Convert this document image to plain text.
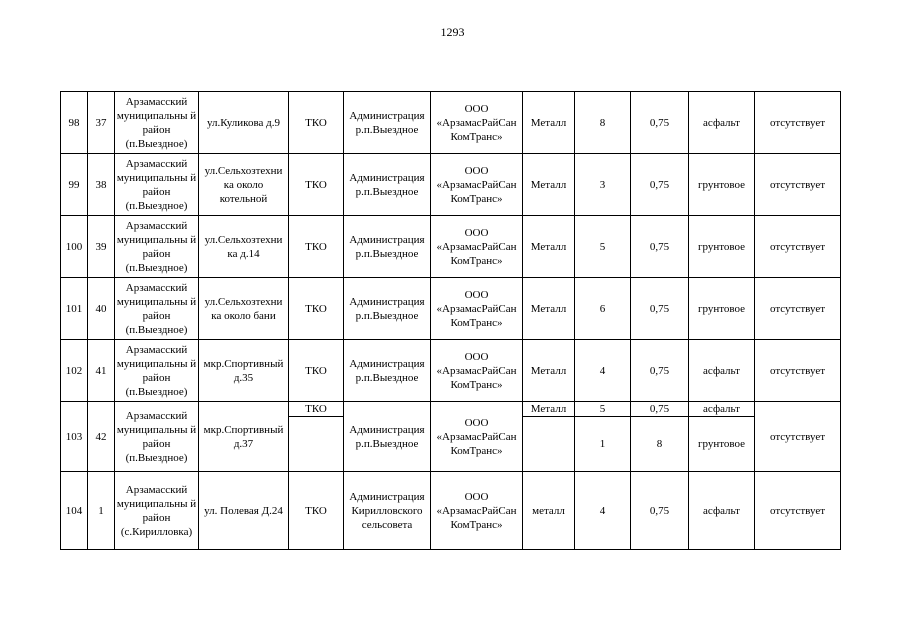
1293
98	37	Арзамасский муниципальны й район (п.Выездное)	ул.Куликова д.9	ТКО	Администрация р.п.Выездное	ООО «АрзамасРайСан КомТранс»	Металл	8	0,75	асфальт	отсутствует
99	38	Арзамасский муниципальны й район (п.Выездное)	ул.Сельхозтехни ка около котельной	ТКО	Администрация р.п.Выездное	ООО «АрзамасРайСан КомТранс»	Металл	3	0,75	грунтовое	отсутствует
100	39	Арзамасский муниципальны й район (п.Выездное)	ул.Сельхозтехни ка д.14	ТКО	Администрация р.п.Выездное	ООО «АрзамасРайСан КомТранс»	Металл	5	0,75	грунтовое	отсутствует
101	40	Арзамасский муниципальны й район (п.Выездное)	ул.Сельхозтехни ка около бани	ТКО	Администрация р.п.Выездное	ООО «АрзамасРайСан КомТранс»	Металл	6	0,75	грунтовое	отсутствует
102	41	Арзамасский муниципальны й район (п.Выездное)	мкр.Спортивный д.35	ТКО	Администрация р.п.Выездное	ООО «АрзамасРайСан КомТранс»	Металл	4	0,75	асфальт	отсутствует
103	42	Арзамасский муниципальны й район (п.Выездное)	мкр.Спортивный д.37	ТКО	Администрация р.п.Выездное	ООО «АрзамасРайСан КомТранс»	Металл	5	0,75	асфальт	отсутствует
								1	8	грунтовое	
104	1	Арзамасский муниципальны й район (с.Кирилловка)	ул. Полевая Д.24	ТКО	Администрация Кирилловского сельсовета	ООО «АрзамасРайСан КомТранс»	металл	4	0,75	асфальт	отсутствует
